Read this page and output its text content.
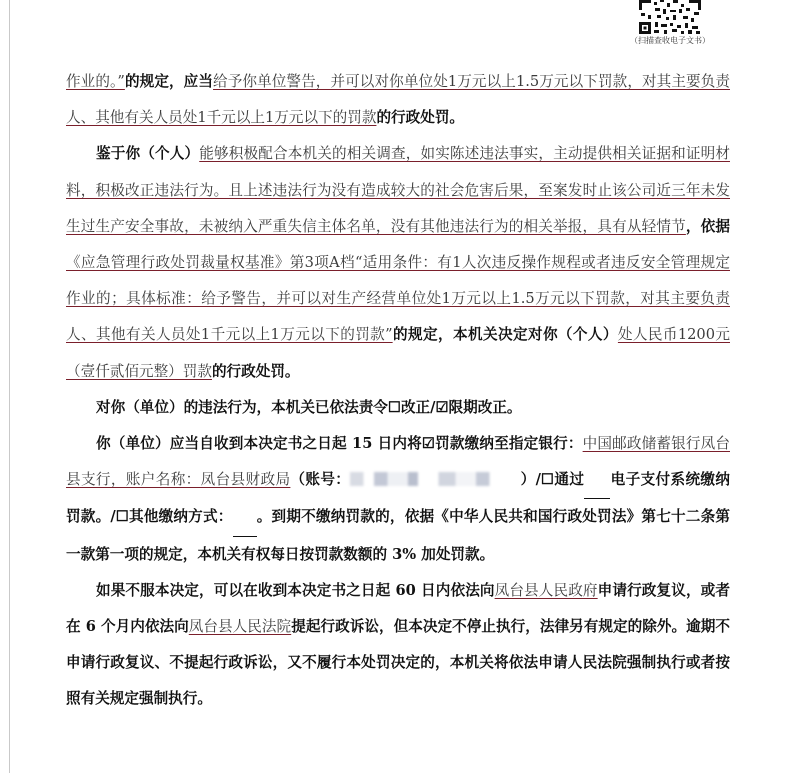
（扫描查收电子文书）

作业的。”的规定，应当给予你单位警告，并可以对你单位处1万元以上1.5万元以下罚款，对其主要负责人、其他有关人员处1千元以上1万元以下的罚款的行政处罚。

鉴于你（个人）能够积极配合本机关的相关调查，如实陈述违法事实，主动提供相关证据和证明材料，积极改正违法行为。且上述违法行为没有造成较大的社会危害后果，至案发时止该公司近三年未发生过生产安全事故，未被纳入严重失信主体名单，没有其他违法行为的相关举报，具有从轻情节，依据《应急管理行政处罚裁量权基准》第3项A档“适用条件：有1人次违反操作规程或者违反安全管理规定作业的；具体标准：给予警告，并可以对生产经营单位处1万元以上1.5万元以下罚款，对其主要负责人、其他有关人员处1千元以上1万元以下的罚款”的规定，本机关决定对你（个人）处人民币1200元（壹仟贰佰元整）罚款的行政处罚。

对你（单位）的违法行为，本机关已依法责令☐改正/☑限期改正。

你（单位）应当自收到本决定书之日起 15 日内将☑罚款缴纳至指定银行：中国邮政储蓄银行凤台县支行，账户名称：凤台县财政局（账号：	）/☐通过 电子支付系统缴纳罚款。/☐其他缴纳方式： 。到期不缴纳罚款的，依据《中华人民共和国行政处罚法》第七十二条第一款第一项的规定，本机关有权每日按罚款数额的 3% 加处罚款。

如果不服本决定，可以在收到本决定书之日起 60 日内依法向凤台县人民政府申请行政复议，或者在 6 个月内依法向凤台县人民法院提起行政诉讼，但本决定不停止执行，法律另有规定的除外。逾期不申请行政复议、不提起行政诉讼，又不履行本处罚决定的，本机关将依法申请人民法院强制执行或者按照有关规定强制执行。
